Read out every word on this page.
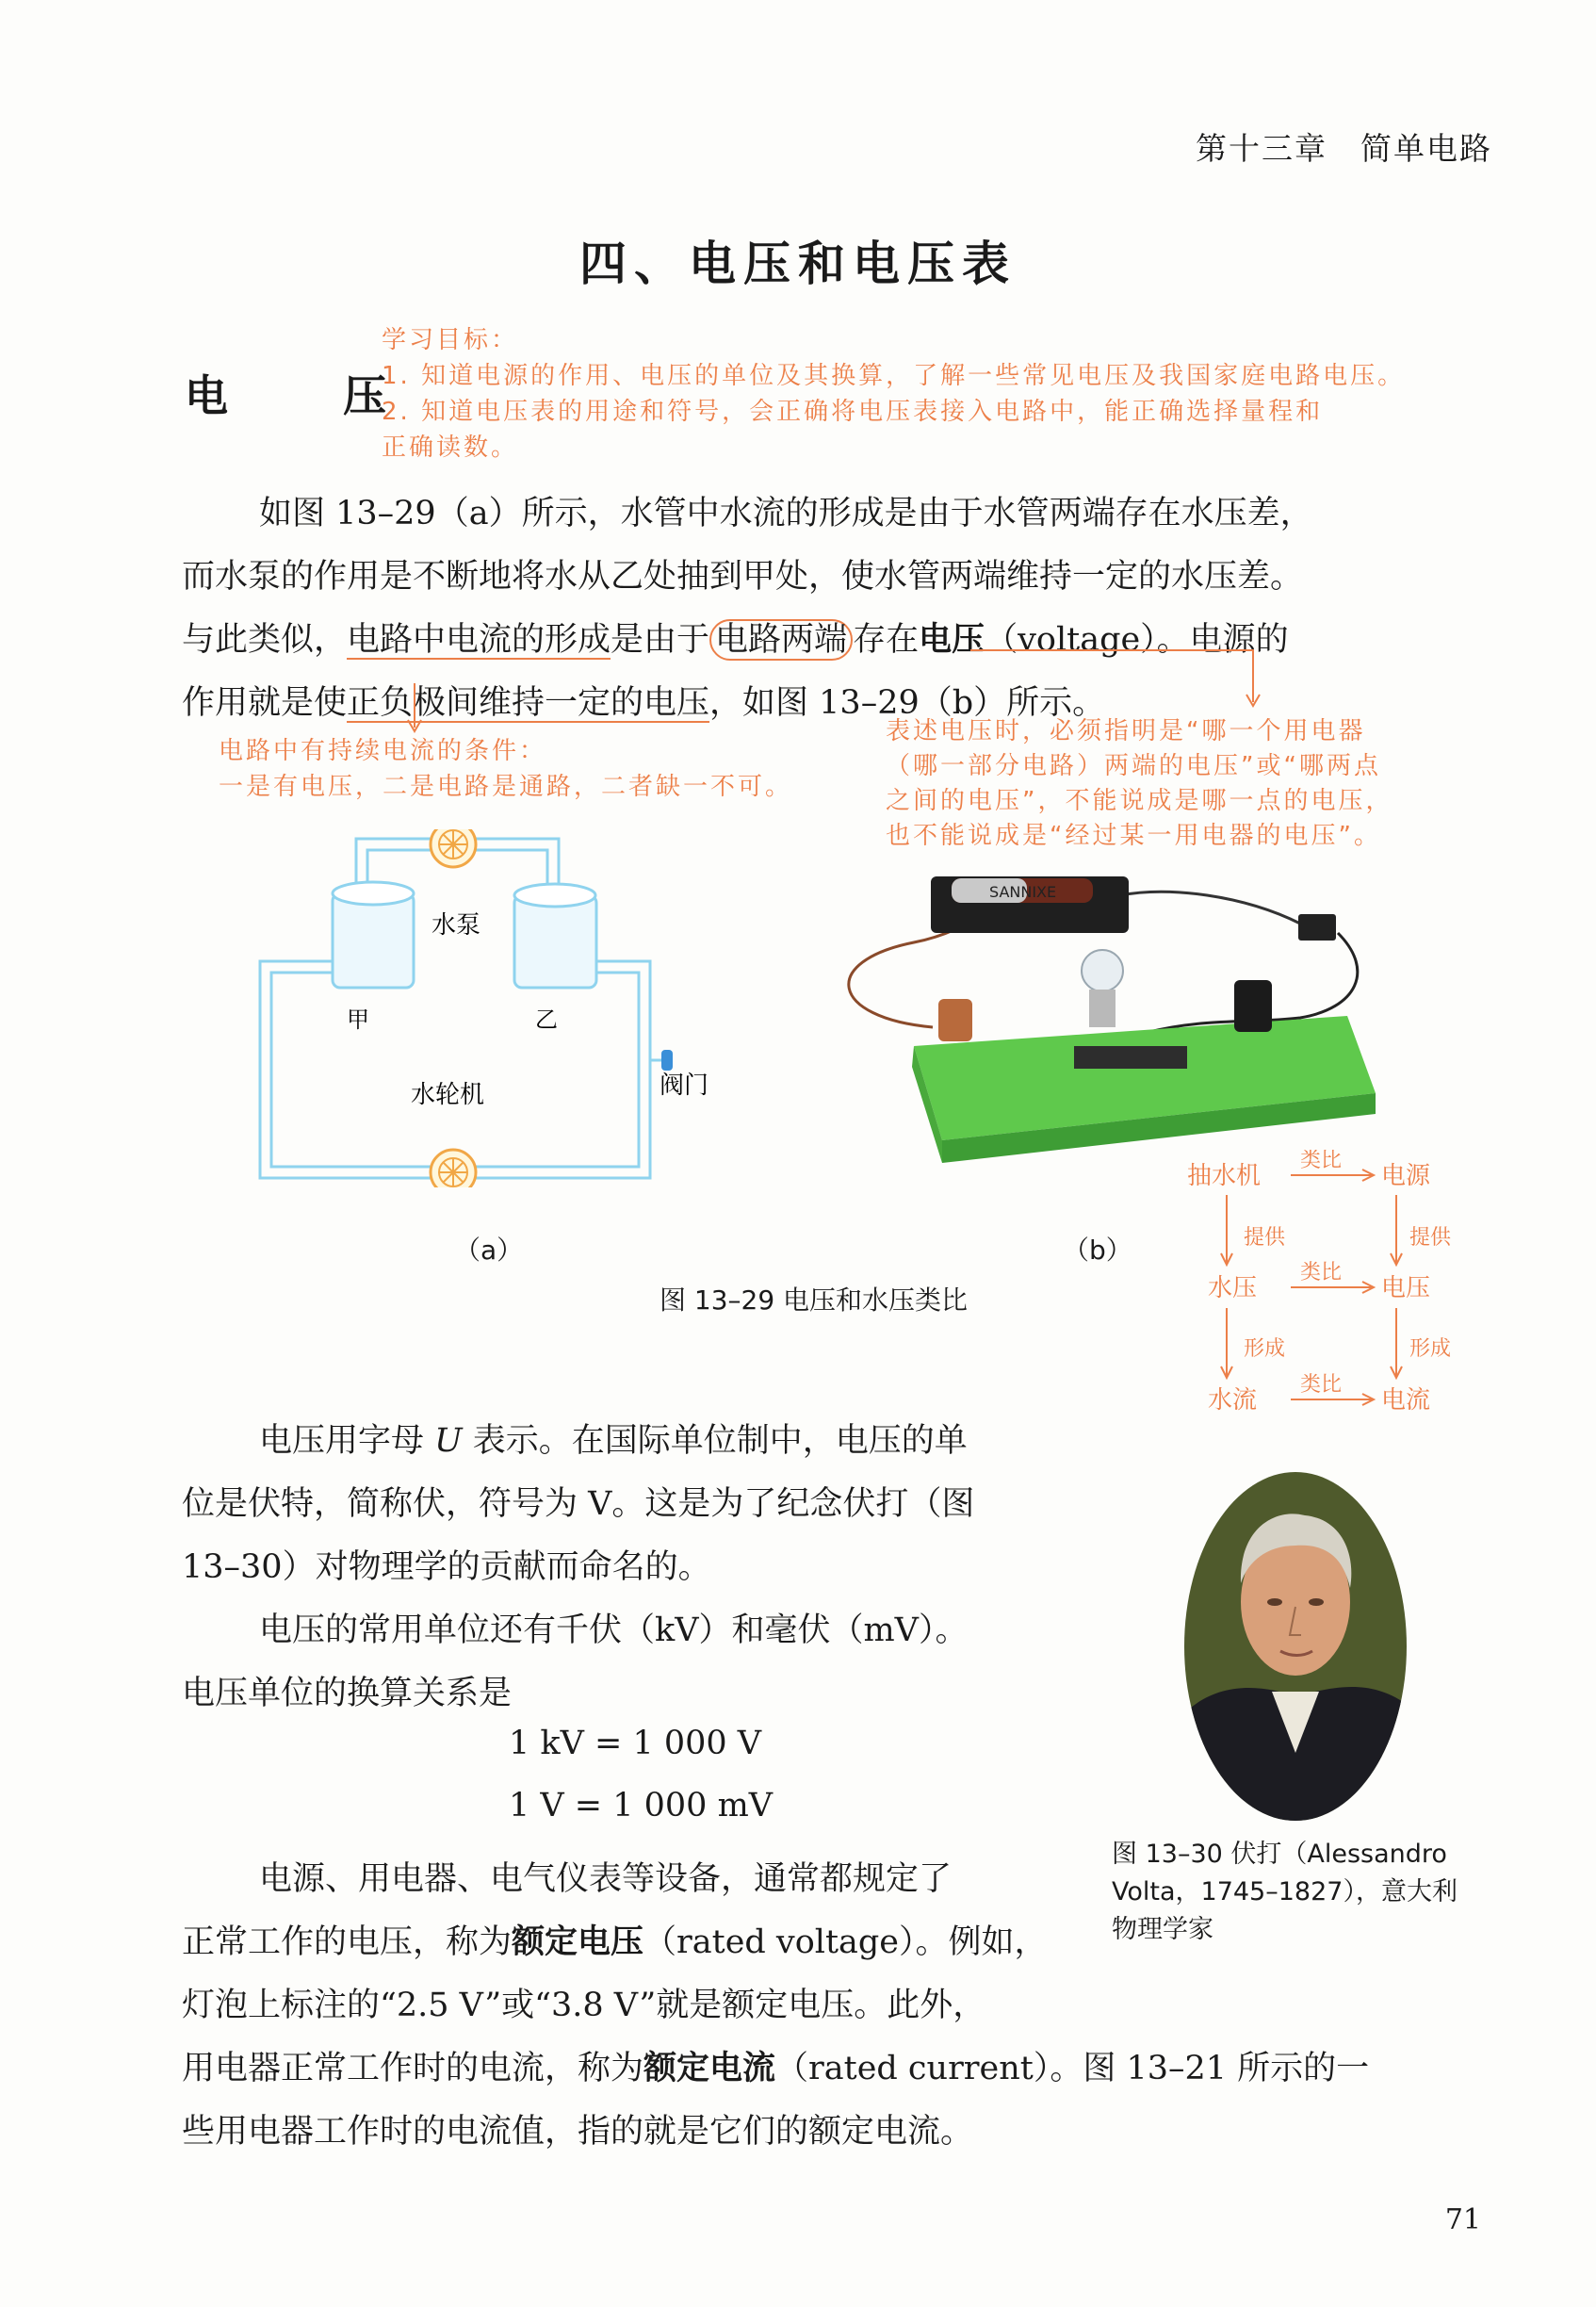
第十三章　简单电路
四、电压和电压表
电　压
学习目标：
1. 知道电源的作用、电压的单位及其换算，了解一些常见电压及我国家庭电路电压。
2. 知道电压表的用途和符号，会正确将电压表接入电路中，能正确选择量程和
正确读数。

如图 13–29（a）所示，水管中水流的形成是由于水管两端存在水压差，

而水泵的作用是不断地将水从乙处抽到甲处，使水管两端维持一定的水压差。

与此类似，电路中电流的形成是由于 电路两端 存在电压（voltage）。电源的

作用就是使正负极间维持一定的电压，如图 13–29（b）所示。

电路中有持续电流的条件：
一是有电压，二是电路是通路，二者缺一不可。
表述电压时，必须指明是“哪一个用电器
（哪一部分电路）两端的电压”或“哪两点
之间的电压”，不能说成是哪一点的电压，
也不能说成是“经过某一用电器的电压”。
水泵
甲	乙
水轮机	阀门
SANNIXE
（a）	（b）
图 13–29 电压和水压类比
抽水机	电源
水压	电压
水流	电流
类比
类比
类比
提供	提供
形成	形成

电压用字母 U 表示。在国际单位制中，电压的单

位是伏特，简称伏，符号为 V。这是为了纪念伏打（图

13–30）对物理学的贡献而命名的。

电压的常用单位还有千伏（kV）和毫伏（mV）。

电压单位的换算关系是

1 kV = 1 000 V
1 V = 1 000 mV

电源、用电器、电气仪表等设备，通常都规定了

正常工作的电压，称为额定电压（rated voltage）。例如，

灯泡上标注的“2.5 V”或“3.8 V”就是额定电压。此外，

用电器正常工作时的电流，称为额定电流（rated current）。图 13–21 所示的一

些用电器工作时的电流值，指的就是它们的额定电流。

图 13–30 伏打（Alessandro
Volta，1745–1827），意大利
物理学家
71
